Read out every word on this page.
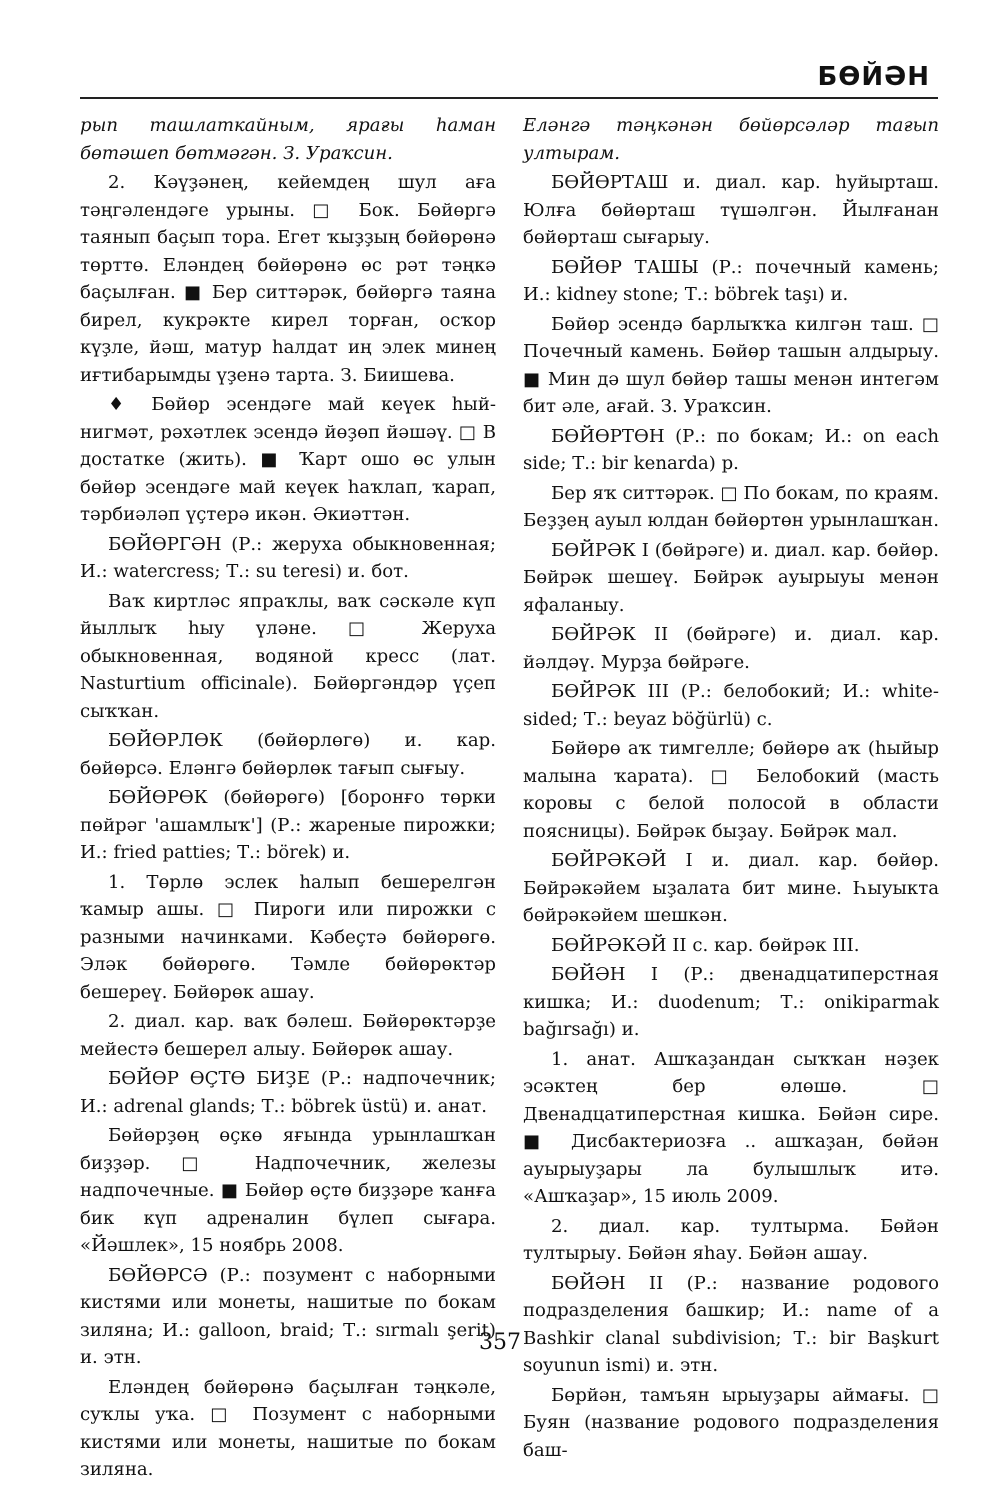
БӨЙӘН

рып ташлаткайным, ярағы һаман бөтәшеп бөтмәгән. З. Ураҡсин.

2. Кәүҙәнең, кейемдең шул аға тәңгәлендәге урыны. □ Бок. Бөйөргә таянып баҫып тора. Егет ҡыҙҙың бөйөрөнә төрттө. Еләндең бөйөрөнә өс рәт тәңкә баҫылған. ■ Бер ситтәрәк, бөйөргә таяна бирел, кукрәкте кирел торған, осҡор күҙле, йәш, матур һалдат иң элек минең иғтибарымды үҙенә тарта. З. Биишева.

♦ Бөйөр эсендәге май кеүек һый-нигмәт, рәхәтлек эсендә йөҙөп йәшәү. □ В достатке (жить). ■ Ҡарт ошо өс улын бөйөр эсендәге май кеүек һаҡлап, ҡарап, тәрбиәләп үҫтерә икән. Әкиәттән.

БӨЙӨРГӘН (Р.: жеруха обыкновенная; И.: watercress; Т.: su teresi) и. бот.

Ваҡ киртләс япраҡлы, ваҡ сәскәле күп йыллыҡ һыу үләне. □ Жеруха обыкновенная, водяной кресс (лат. Nasturtium officinale). Бөйөргәндәр үҫеп сыҡҡан.

БӨЙӨРЛӨК (бөйөрлөгө) и. кар. бөйөрсә. Еләнгә бөйөрлөк тағып сығыу.

БӨЙӨРӨК (бөйөрөгө) [боронғо төрки пөйрәг 'ашамлыҡ'] (Р.: жареные пирожки; И.: fried patties; Т.: börek) и.

1. Төрлө эслек һалып бешерелгән ҡамыр ашы. □ Пироги или пирожки с разными начинками. Кәбеҫтә бөйөрөгө. Эләк бөйөрөгө. Тәмле бөйөрөктәр бешереү. Бөйөрөк ашау.

2. диал. кар. ваҡ бәлеш. Бөйөрөктәрҙе мейестә бешерел алыу. Бөйөрөк ашау.

БӨЙӨР ӨҪТӨ БИҘЕ (Р.: надпочечник; И.: adrenal glands; Т.: böbrek üstü) и. анат.

Бөйөрҙөң өҫкө яғында урынлашҡан биҙҙәр. □ Надпочечник, железы надпочечные. ■ Бөйөр өҫтө биҙҙәре ҡанға бик күп адреналин бүлеп сығара. «Йәшлек», 15 ноябрь 2008.

БӨЙӨРСӘ (Р.: позумент с наборными кистями или монеты, нашитые по бокам зиляна; И.: galloon, braid; Т.: sırmalı şerit) и. этн.

Еләндең бөйөрөнә баҫылған тәңкәле, суҡлы уҡа. □ Позумент с наборными кистями или монеты, нашитые по бокам зиляна.

Еләнгә тәңкәнән бөйөрсәләр тағып ултырам.

БӨЙӨРТАШ и. диал. кар. һуйырташ. Юлға бөйөрташ түшәлгән. Йылғанан бөйөрташ сығарыу.

БӨЙӨР ТАШЫ (Р.: почечный камень; И.: kidney stone; Т.: böbrek taşı) и.

Бөйөр эсендә барлыҡҡа килгән таш. □ Почечный камень. Бөйөр ташын алдырыу. ■ Мин дә шул бөйөр ташы менән интегәм бит әле, ағай. З. Ураҡсин.

БӨЙӨРТӨН (Р.: по бокам; И.: on each side; Т.: bir kenarda) р.

Бер яҡ ситтәрәк. □ По бокам, по краям. Беҙҙең ауыл юлдан бөйөртөн урынлашҡан.

БӨЙРӘК I (бөйрәге) и. диал. кар. бөйөр. Бөйрәк шешеү. Бөйрәк ауырыуы менән яфаланыу.

БӨЙРӘК II (бөйрәге) и. диал. кар. йәлдәү. Мурҙа бөйрәге.

БӨЙРӘК III (Р.: белобокий; И.: white-sided; Т.: beyaz böğürlü) с.

Бөйөрө аҡ тимгелле; бөйөрө аҡ (һыйыр малына ҡарата). □ Белобокий (масть коровы с белой полосой в области поясницы). Бөйрәк быҙау. Бөйрәк мал.

БӨЙРӘКӘЙ I и. диал. кар. бөйөр. Бөйрәкәйем ыҙалата бит мине. Һыуыкта бөйрәкәйем шешкән.

БӨЙРӘКӘЙ II с. кар. бөйрәк III.

БӨЙӘН I (Р.: двенадцатиперстная кишка; И.: duodenum; Т.: onikiparmak bağırsağı) и.

1. анат. Ашҡаҙандан сыҡҡан нәҙек эсәктең бер өлөшө. □ Двенадцатиперстная кишка. Бөйән сире. ■ Дисбактериозға .. ашҡаҙан, бөйән ауырыуҙары ла булышлыҡ итә. «Ашҡаҙар», 15 июль 2009.

2. диал. кар. тултырма. Бөйән тултырыу. Бөйән яһау. Бөйән ашау.

БӨЙӘН II (Р.: название родового подразделения башкир; И.: name of a Bashkir clanal subdivision; Т.: bir Başkurt soyunun ismi) и. этн.

Бөрйән, тамъян ырыуҙары аймағы. □ Буян (название родового подразделения баш-

357
